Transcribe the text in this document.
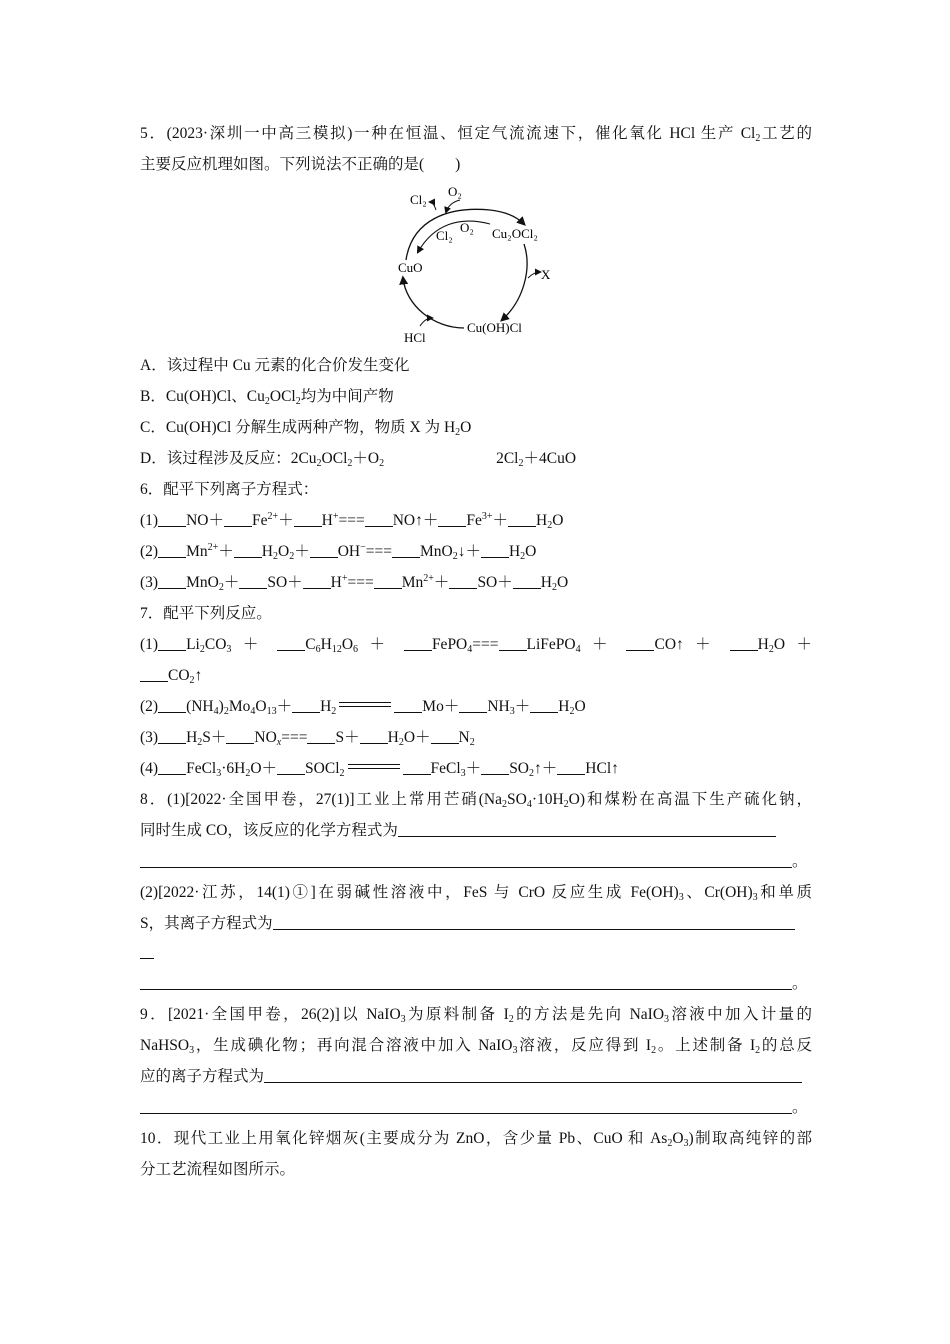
5．(2023·深圳一中高三模拟)一种在恒温、恒定气流流速下，催化氧化 HCl 生产 $Cl_2$工艺的
主要反应机理如图。下列说法不正确的是(　　)
Cl₂
O₂
Cl₂
O₂ Cu₂OCl₂
CuO	X
HCl
Cu(OH)Cl
A．该过程中 Cu 元素的化合价发生变化
B．Cu(OH)Cl、$Cu_2OCl_2$均为中间产物
C．Cu(OH)Cl 分解生成两种产物，物质 X 为 $H_2O$
D．该过程涉及反应：$2Cu_2OCl_2+O_2$	$2Cl_2+4CuO$
6．配平下列离子方程式：
(1) $NO+ Fe^{2+}+ H^+===$ NO↑＋ $Fe^{3+}+ H_2O$
(2) $Mn^{2+}+ H_2O_2+ OH^-===$ MnO$_2$↓＋ $H_2O$
(3) $MnO_2+ SO+ H^+=== Mn^{2+}+ SO+ H_2O$
7．配平下列反应。
(1) $Li_2CO_3 + C_6H_{12}O_6$ ＋ FePO$_4$=== LiFePO$_4$ ＋ CO↑ ＋ $H_2O$ ＋
$CO_2↑$
(2) $(NH_4)_2Mo_4O_{13}+ H_2$	$Mo+ NH_3+ H_2O$
(3) $H_2S+ NO_x=== S+ H_2O+ N_2$
(4) $FeCl_3\cdot 6H_2O+$ SOCl$_2$	FeCl$_3$＋ $SO_2↑+$ HCl↑
8．(1)[2022·全国甲卷，27(1)]工业上常用芒硝$(Na_2SO_4\cdot 10H_2O)$和煤粉在高温下生产硫化钠，
同时生成 CO，该反应的化学方程式为
。
(2)[2022·江苏，14(1)①]在弱碱性溶液中，FeS 与 CrO 反应生成 $Fe(OH)_3$、$Cr(OH)_3$和单质
S，其离子方程式为
。
9．[2021·全国甲卷，26(2)]以 NaIO$_3$为原料制备 $I_2$的方法是先向 NaIO$_3$溶液中加入计量的
NaHSO$_3$，生成碘化物；再向混合溶液中加入 NaIO$_3$溶液，反应得到 $I_2$。上述制备 $I_2$的总反
应的离子方程式为
。
10．现代工业上用氧化锌烟灰(主要成分为 ZnO，含少量 Pb、CuO 和 $As_2O_3$)制取高纯锌的部
分工艺流程如图所示。
